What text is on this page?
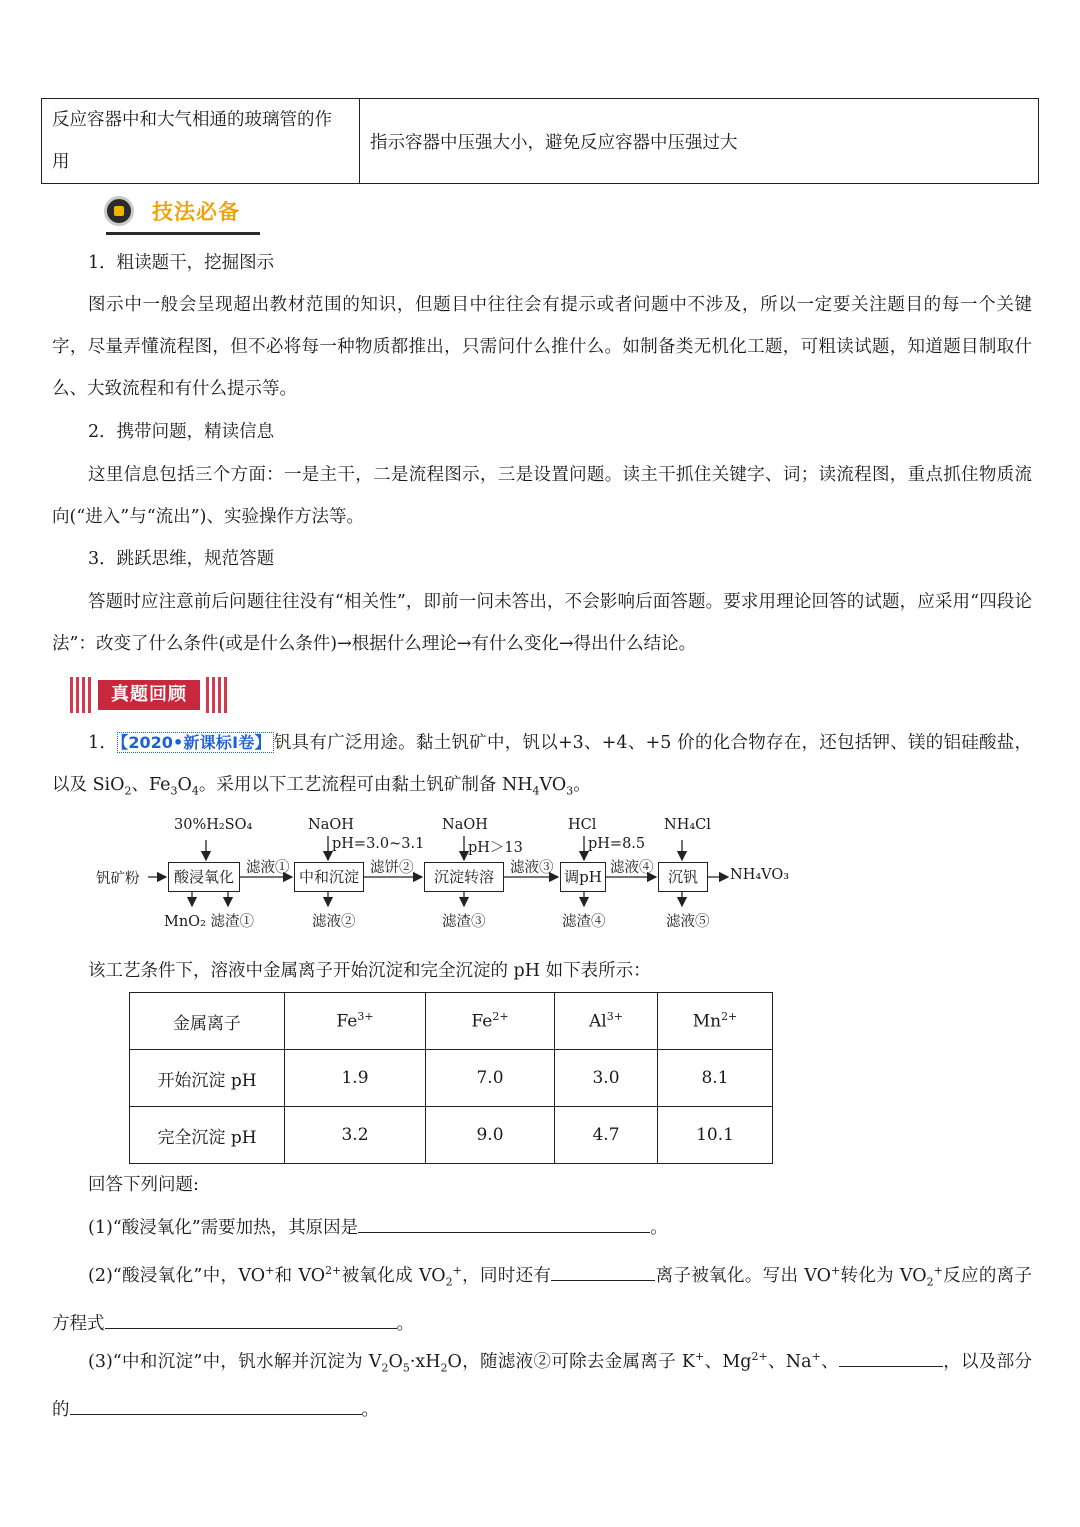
反应容器中和大气相通的玻璃管的作用
指示容器中压强大小，避免反应容器中压强过大
技法必备
1．粗读题干，挖掘图示
图示中一般会呈现超出教材范围的知识，但题目中往往会有提示或者问题中不涉及，所以一定要关注题目的每一个关键字，尽量弄懂流程图，但不必将每一种物质都推出，只需问什么推什么。如制备类无机化工题，可粗读试题，知道题目制取什么、大致流程和有什么提示等。
2．携带问题，精读信息
这里信息包括三个方面：一是主干，二是流程图示，三是设置问题。读主干抓住关键字、词；读流程图，重点抓住物质流向(“进入”与“流出”)、实验操作方法等。
3．跳跃思维，规范答题
答题时应注意前后问题往往没有“相关性”，即前一问未答出，不会影响后面答题。要求用理论回答的试题，应采用“四段论法”：改变了什么条件(或是什么条件)→根据什么理论→有什么变化→得出什么结论。
真题回顾
1． 【2020•新课标Ⅰ卷】 钒具有广泛用途。黏土钒矿中，钒以+3、+4、+5 价的化合物存在，还包括钾、镁的铝硅酸盐，以及 SiO$_2$、$Fe_3O_4$。采用以下工艺流程可由黏土钒矿制备 $NH_4VO_3$。
钒矿粉	酸浸氧化	中和沉淀	沉淀转溶	调pH	沉钒	NH₄VO₃
30%H₂SO₄	NaOH	NaOH	HCl	NH₄Cl
pH=3.0~3.1	pH＞13	pH=8.5
滤液①	滤饼②	滤液③	滤液④
MnO₂ 滤渣①	滤液②	滤渣③	滤渣④	滤液⑤
该工艺条件下，溶液中金属离子开始沉淀和完全沉淀的 pH 如下表所示：
金属离子	$Fe^{3+}$	$Fe^{2+}$	$Al^{3+}$	$Mn^{2+}$
开始沉淀 pH	1.9	7.0	3.0	8.1
完全沉淀 pH	3.2	9.0	4.7	10.1
回答下列问题:
(1)“酸浸氧化”需要加热，其原因是	。
(2)“酸浸氧化”中，VO+和 $VO^{2+}$被氧化成 $VO_2^+$，同时还有	离子被氧化。写出 VO+转化为 $VO_2^+$反应的离子方程式	。
(3)“中和沉淀”中，钒水解并沉淀为 $V_2O_5\cdot xH_2O$，随滤液②可除去金属离子 K+、$Mg^{2+}$、Na+、	，以及部分的	。
